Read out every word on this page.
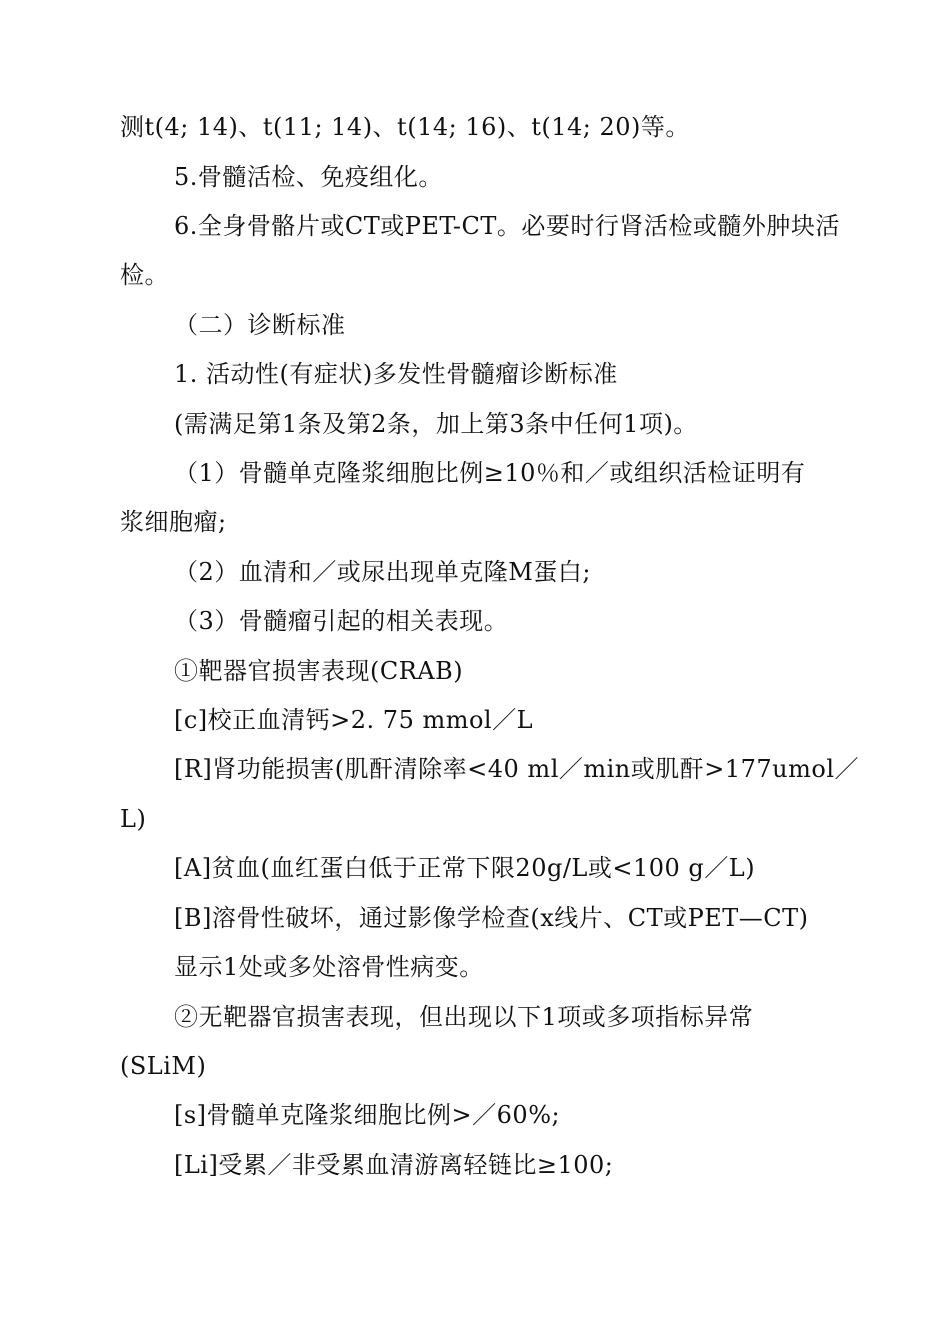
测t(4; 14)、t(11; 14)、t(14; 16)、t(14; 20)等。
5.骨髓活检、免疫组化。
6.全身骨骼片或CT或PET-CT。必要时行肾活检或髓外肿块活
检。
（二）诊断标准
1. 活动性(有症状)多发性骨髓瘤诊断标准
(需满足第1条及第2条，加上第3条中任何1项)。
（1）骨髓单克隆浆细胞比例≥10％和／或组织活检证明有
浆细胞瘤;
（2）血清和／或尿出现单克隆M蛋白;
（3）骨髓瘤引起的相关表现。
①靶器官损害表现(CRAB)
[c]校正血清钙>2. 75 mmol／L
[R]肾功能损害(肌酐清除率<40 ml／min或肌酐>177umol／
L)
[A]贫血(血红蛋白低于正常下限20g/L或<100 g／L)
[B]溶骨性破坏，通过影像学检查(x线片、CT或PET—CT)
显示1处或多处溶骨性病变。
②无靶器官损害表现，但出现以下1项或多项指标异常
(SLiM)
[s]骨髓单克隆浆细胞比例>／60%;
[Li]受累／非受累血清游离轻链比≥100;
